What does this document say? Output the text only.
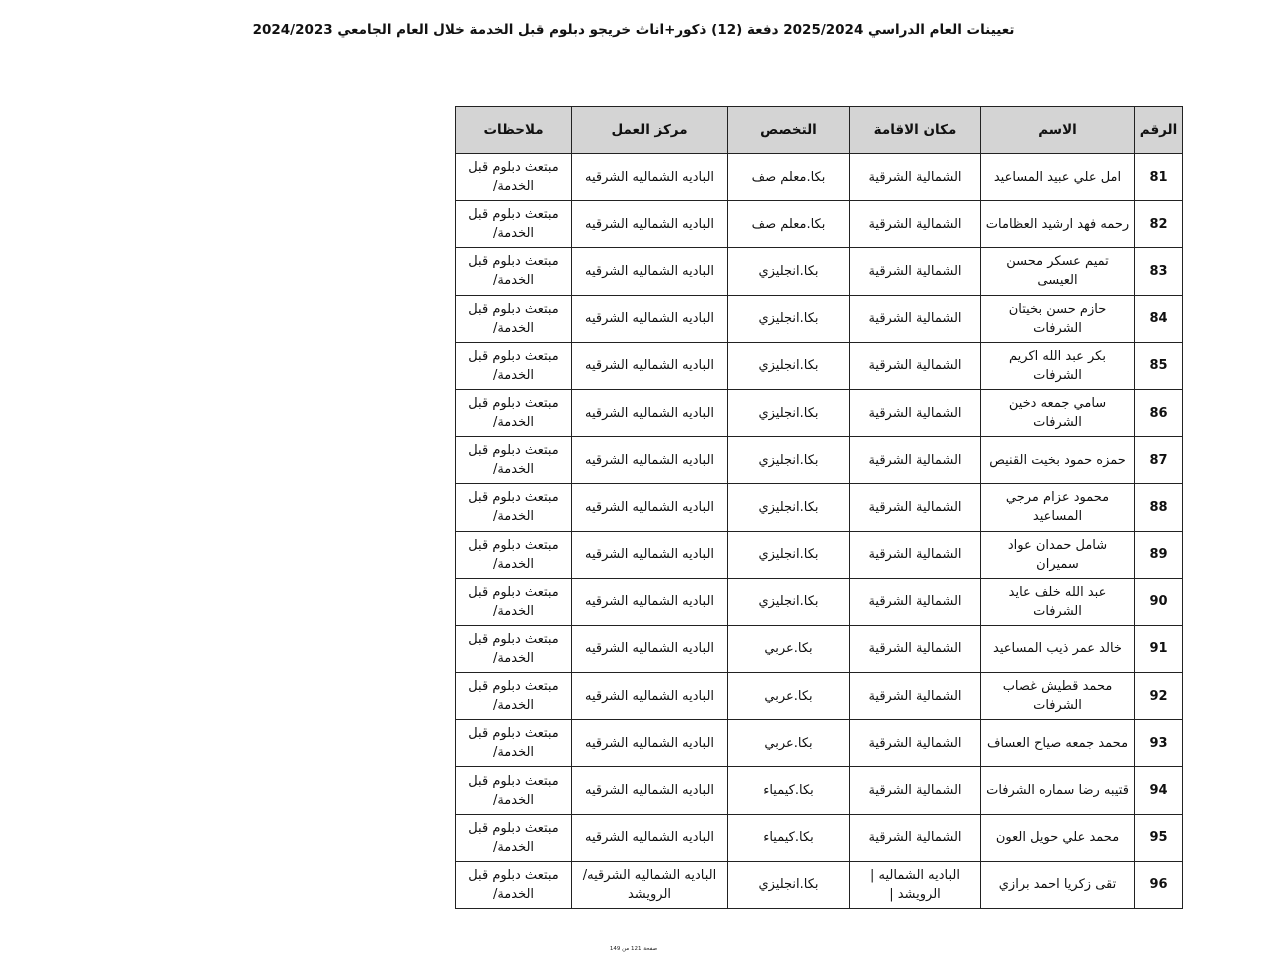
تعيينات العام الدراسي 2025/2024 دفعة (12) ذكور+اناث خريجو دبلوم قبل الخدمة خلال العام الجامعي 2024/2023
الرقم	الاسم	مكان الاقامة	التخصص	مركز العمل	ملاحظات
81	امل علي عبيد المساعيد	الشمالية الشرقية	بكا.معلم صف	الباديه الشماليه الشرقيه	مبتعث دبلوم قبل الخدمة/
82	رحمه فهد ارشيد العظامات	الشمالية الشرقية	بكا.معلم صف	الباديه الشماليه الشرقيه	مبتعث دبلوم قبل الخدمة/
83	تميم عسكر محسن العيسى	الشمالية الشرقية	بكا.انجليزي	الباديه الشماليه الشرقيه	مبتعث دبلوم قبل الخدمة/
84	حازم حسن بخيتان الشرفات	الشمالية الشرقية	بكا.انجليزي	الباديه الشماليه الشرقيه	مبتعث دبلوم قبل الخدمة/
85	بكر عبد الله اكريم الشرفات	الشمالية الشرقية	بكا.انجليزي	الباديه الشماليه الشرقيه	مبتعث دبلوم قبل الخدمة/
86	سامي جمعه دخين الشرفات	الشمالية الشرقية	بكا.انجليزي	الباديه الشماليه الشرقيه	مبتعث دبلوم قبل الخدمة/
87	حمزه حمود بخيت القنيص	الشمالية الشرقية	بكا.انجليزي	الباديه الشماليه الشرقيه	مبتعث دبلوم قبل الخدمة/
88	محمود عزام مرجي المساعيد	الشمالية الشرقية	بكا.انجليزي	الباديه الشماليه الشرقيه	مبتعث دبلوم قبل الخدمة/
89	شامل حمدان عواد سميران	الشمالية الشرقية	بكا.انجليزي	الباديه الشماليه الشرقيه	مبتعث دبلوم قبل الخدمة/
90	عبد الله خلف عايد الشرفات	الشمالية الشرقية	بكا.انجليزي	الباديه الشماليه الشرقيه	مبتعث دبلوم قبل الخدمة/
91	خالد عمر ذيب المساعيد	الشمالية الشرقية	بكا.عربي	الباديه الشماليه الشرقيه	مبتعث دبلوم قبل الخدمة/
92	محمد قطيش غصاب الشرفات	الشمالية الشرقية	بكا.عربي	الباديه الشماليه الشرقيه	مبتعث دبلوم قبل الخدمة/
93	محمد جمعه صياح العساف	الشمالية الشرقية	بكا.عربي	الباديه الشماليه الشرقيه	مبتعث دبلوم قبل الخدمة/
94	قتيبه رضا سماره الشرفات	الشمالية الشرقية	بكا.كيمياء	الباديه الشماليه الشرقيه	مبتعث دبلوم قبل الخدمة/
95	محمد علي حويل العون	الشمالية الشرقية	بكا.كيمياء	الباديه الشماليه الشرقيه	مبتعث دبلوم قبل الخدمة/
96	تقى زكريا احمد برازي	الباديه الشماليه |الرويشد |	بكا.انجليزي	الباديه الشماليه الشرقيه/الرويشد	مبتعث دبلوم قبل الخدمة/
صفحة 121 من 149
